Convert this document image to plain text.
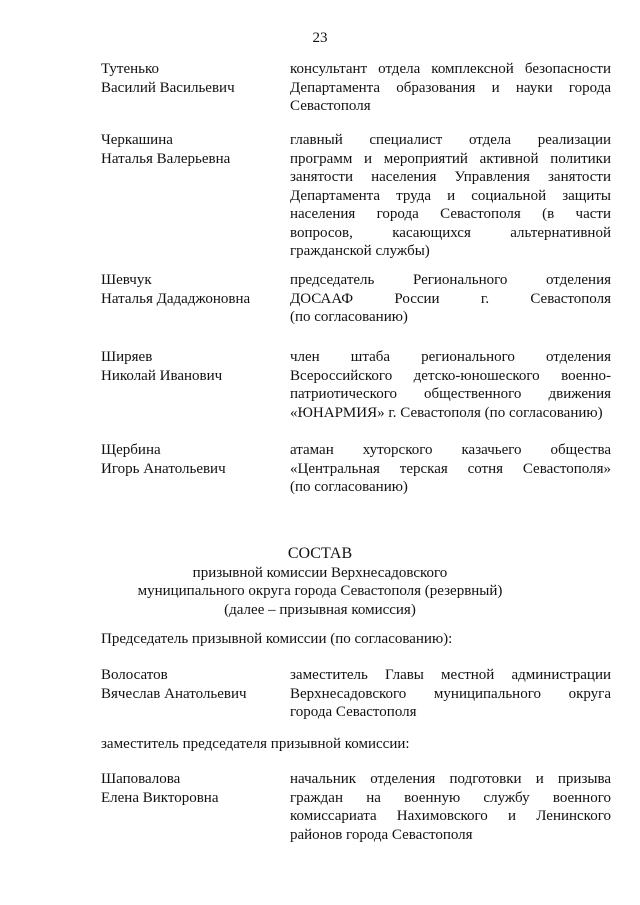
23
Тутенько
Василий Васильевич
консультант отдела комплексной безопасности
Департамента образования и науки города
Севастополя
Черкашина
Наталья Валерьевна
главный специалист отдела реализации
программ и мероприятий активной политики
занятости населения Управления занятости
Департамента труда и социальной защиты
населения города Севастополя (в части
вопросов, касающихся альтернативной
гражданской службы)
Шевчук
Наталья Дададжоновна
председатель Регионального отделения
ДОСААФ России г. Севастополя
(по согласованию)
Ширяев
Николай Иванович
член штаба регионального отделения
Всероссийского детско-юношеского военно-
патриотического общественного движения
«ЮНАРМИЯ» г. Севастополя (по согласованию)
Щербина
Игорь Анатольевич
атаман хуторского казачьего общества
«Центральная терская сотня Севастополя»
(по согласованию)
СОСТАВ
призывной комиссии Верхнесадовского
муниципального округа города Севастополя (резервный)
(далее – призывная комиссия)
Председатель призывной комиссии (по согласованию):
Волосатов
Вячеслав Анатольевич
заместитель Главы местной администрации
Верхнесадовского муниципального округа
города Севастополя
заместитель председателя призывной комиссии:
Шаповалова
Елена Викторовна
начальник отделения подготовки и призыва
граждан на военную службу военного
комиссариата Нахимовского и Ленинского
районов города Севастополя
